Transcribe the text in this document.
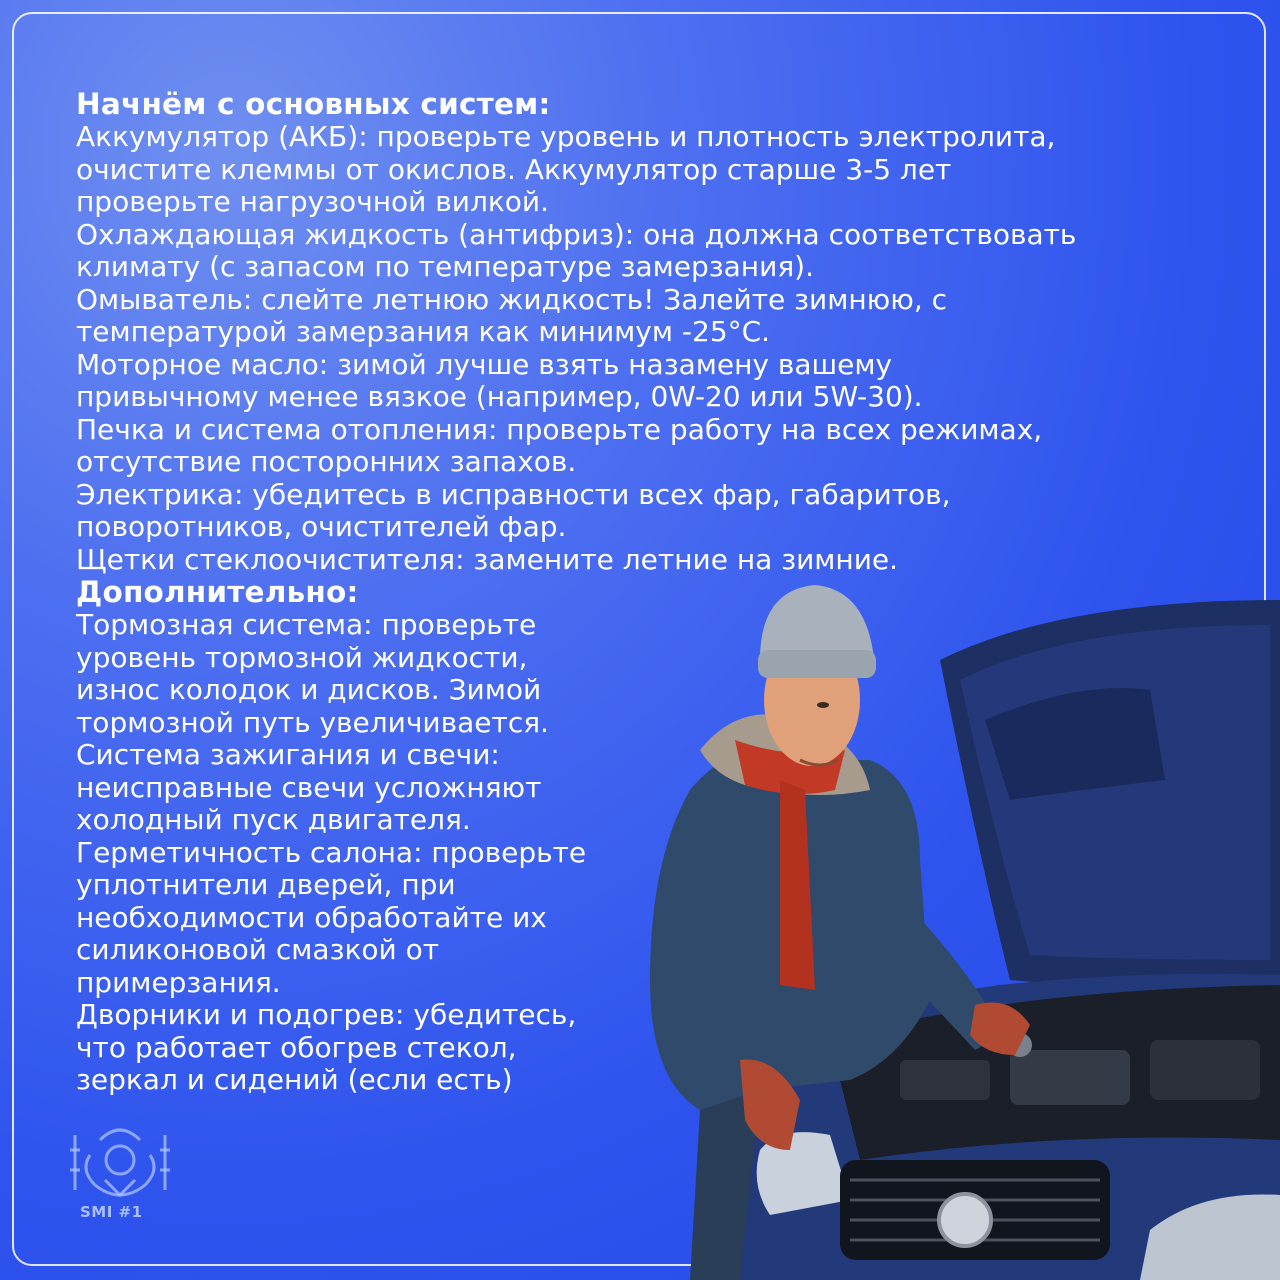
Начнём с основных систем:
Аккумулятор (АКБ): проверьте уровень и плотность электролита,
очистите клеммы от окислов. Аккумулятор старше 3-5 лет
проверьте нагрузочной вилкой.
Охлаждающая жидкость (антифриз): она должна соответствовать
климату (с запасом по температуре замерзания).
Омыватель: слейте летнюю жидкость! Залейте зимнюю, с
температурой замерзания как минимум -25°C.
Моторное масло: зимой лучше взять назамену вашему
привычному менее вязкое (например, 0W-20 или 5W-30).
Печка и система отопления: проверьте работу на всех режимах,
отсутствие посторонних запахов.
Электрика: убедитесь в исправности всех фар, габаритов,
поворотников, очистителей фар.
Щетки стеклоочистителя: замените летние на зимние.
Дополнительно:
Тормозная система: проверьте
уровень тормозной жидкости,
износ колодок и дисков. Зимой
тормозной путь увеличивается.
Система зажигания и свечи:
неисправные свечи усложняют
холодный пуск двигателя.
Герметичность салона: проверьте
уплотнители дверей, при
необходимости обработайте их
силиконовой смазкой от
примерзания.
Дворники и подогрев: убедитесь,
что работает обогрев стекол,
зеркал и сидений (если есть)
SMI #1
